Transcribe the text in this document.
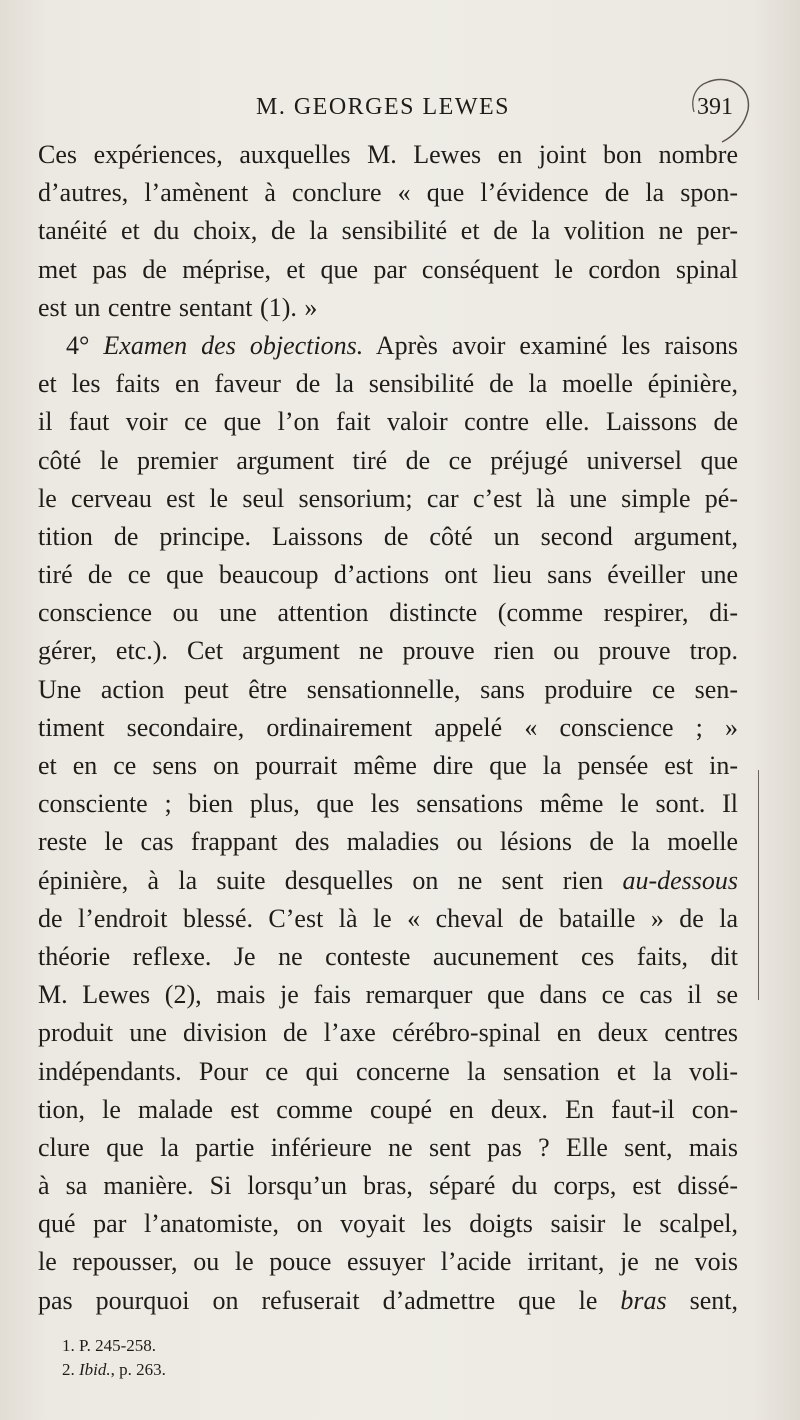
M. GEORGES LEWES	391
Ces expériences, auxquelles M. Lewes en joint bon nombre
d’autres, l’amènent à conclure « que l’évidence de la spon-
tanéité et du choix, de la sensibilité et de la volition ne per-
met pas de méprise, et que par conséquent le cordon spinal
est un centre sentant (1). »
4° Examen des objections. Après avoir examiné les raisons
et les faits en faveur de la sensibilité de la moelle épinière,
il faut voir ce que l’on fait valoir contre elle. Laissons de
côté le premier argument tiré de ce préjugé universel que
le cerveau est le seul sensorium; car c’est là une simple pé-
tition de principe. Laissons de côté un second argument,
tiré de ce que beaucoup d’actions ont lieu sans éveiller une
conscience ou une attention distincte (comme respirer, di-
gérer, etc.). Cet argument ne prouve rien ou prouve trop.
Une action peut être sensationnelle, sans produire ce sen-
timent secondaire, ordinairement appelé « conscience ; »
et en ce sens on pourrait même dire que la pensée est in-
consciente ; bien plus, que les sensations même le sont. Il
reste le cas frappant des maladies ou lésions de la moelle
épinière, à la suite desquelles on ne sent rien au-dessous
de l’endroit blessé. C’est là le « cheval de bataille » de la
théorie reflexe. Je ne conteste aucunement ces faits, dit
M. Lewes (2), mais je fais remarquer que dans ce cas il se
produit une division de l’axe cérébro-spinal en deux centres
indépendants. Pour ce qui concerne la sensation et la voli-
tion, le malade est comme coupé en deux. En faut-il con-
clure que la partie inférieure ne sent pas ? Elle sent, mais
à sa manière. Si lorsqu’un bras, séparé du corps, est dissé-
qué par l’anatomiste, on voyait les doigts saisir le scalpel,
le repousser, ou le pouce essuyer l’acide irritant, je ne vois
pas pourquoi on refuserait d’admettre que le bras sent,
1. P. 245-258.
2. Ibid., p. 263.
